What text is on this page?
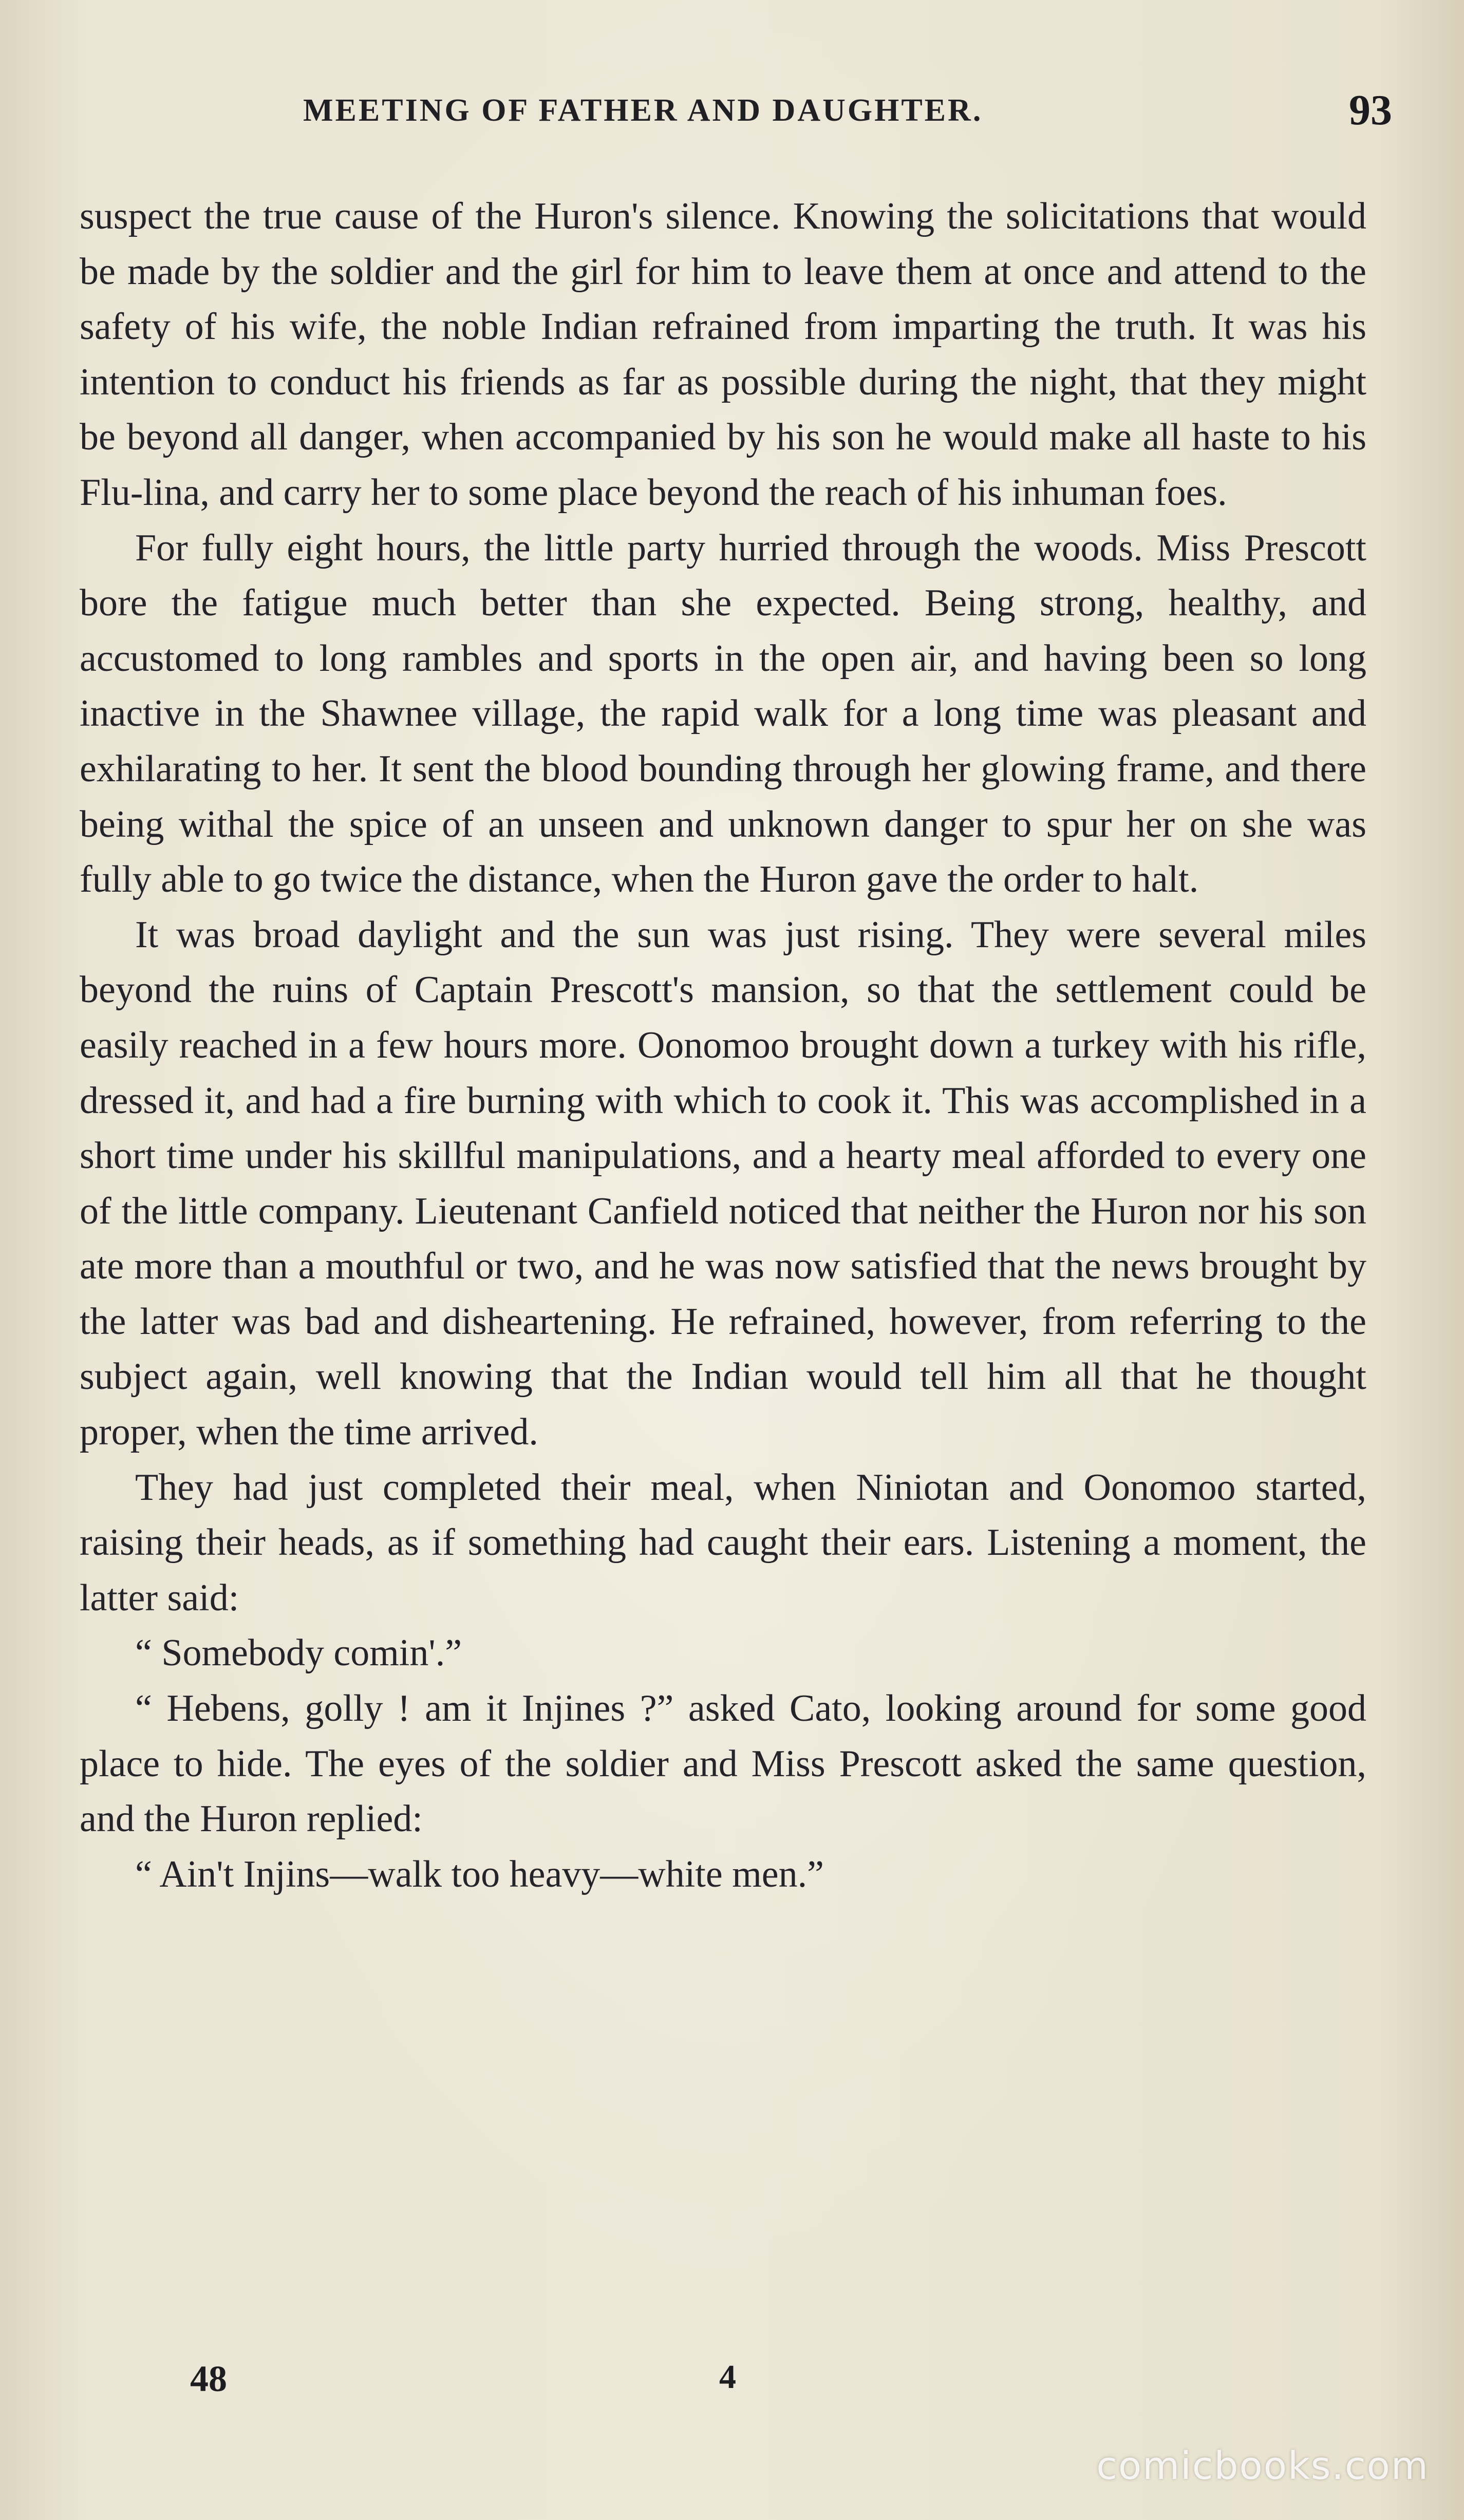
MEETING OF FATHER AND DAUGHTER.	93

suspect the true cause of the Huron's silence. Knowing the solicitations that would be made by the soldier and the girl for him to leave them at once and attend to the safety of his wife, the noble Indian refrained from imparting the truth. It was his intention to conduct his friends as far as possible during the night, that they might be beyond all danger, when accompanied by his son he would make all haste to his Flu-lina, and carry her to some place beyond the reach of his inhuman foes.

For fully eight hours, the little party hurried through the woods. Miss Prescott bore the fatigue much better than she expected. Being strong, healthy, and accustomed to long rambles and sports in the open air, and having been so long inactive in the Shawnee village, the rapid walk for a long time was pleasant and exhilarating to her. It sent the blood bounding through her glowing frame, and there being withal the spice of an unseen and unknown danger to spur her on she was fully able to go twice the distance, when the Huron gave the order to halt.

It was broad daylight and the sun was just rising. They were several miles beyond the ruins of Captain Prescott's mansion, so that the settlement could be easily reached in a few hours more. Oonomoo brought down a turkey with his rifle, dressed it, and had a fire burning with which to cook it. This was accomplished in a short time under his skillful manipulations, and a hearty meal afforded to every one of the little company. Lieutenant Canfield noticed that neither the Huron nor his son ate more than a mouthful or two, and he was now satisfied that the news brought by the latter was bad and disheartening. He refrained, however, from referring to the subject again, well knowing that the Indian would tell him all that he thought proper, when the time arrived.

They had just completed their meal, when Niniotan and Oonomoo started, raising their heads, as if something had caught their ears. Listening a moment, the latter said:

“ Somebody comin'.”

“ Hebens, golly ! am it Injines ?” asked Cato, looking around for some good place to hide. The eyes of the soldier and Miss Prescott asked the same question, and the Huron replied:

“ Ain't Injins—walk too heavy—white men.”

48	4
comicbooks.com
